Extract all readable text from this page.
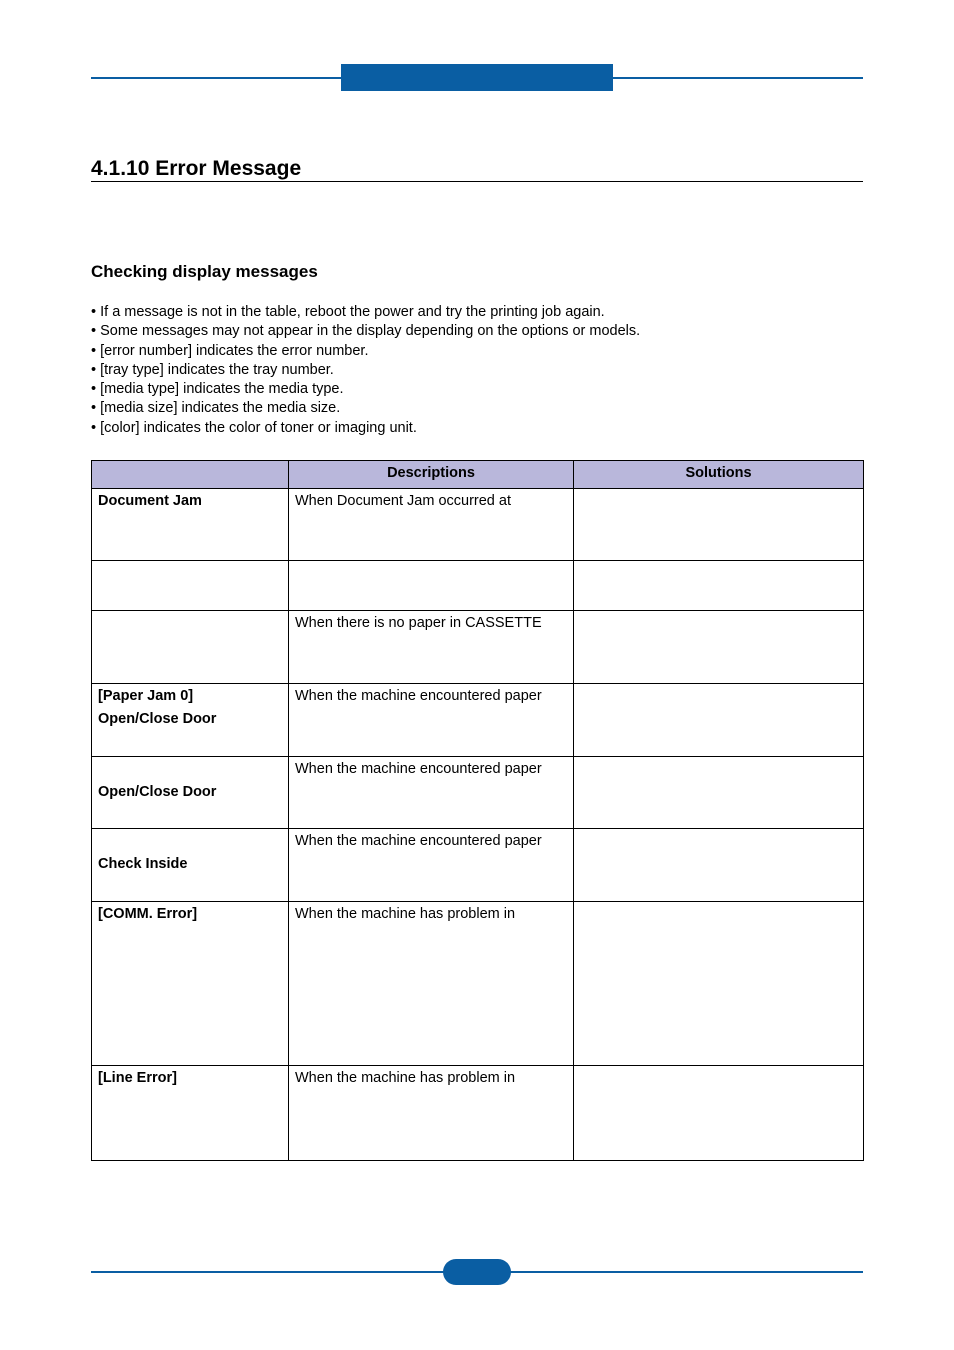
4.1.10 Error Message
Checking display messages
• If a message is not in the table, reboot the power and try the printing job again.
• Some messages may not appear in the display depending on the options or models.
• [error number] indicates the error number.
• [tray type] indicates the tray number.
• [media type] indicates the media type.
• [media size] indicates the media size.
• [color] indicates the color of toner or imaging unit.
	Descriptions	Solutions
Document Jam	When Document Jam occurred at	

	When there is no paper in CASSETTE	

[Paper Jam 0]
Open/Close Door	When the machine encountered paper	

Open/Close Door	When the machine encountered paper	

Check Inside	When the machine encountered paper	
[COMM. Error]	When the machine has problem in	
[Line Error]	When the machine has problem in	
